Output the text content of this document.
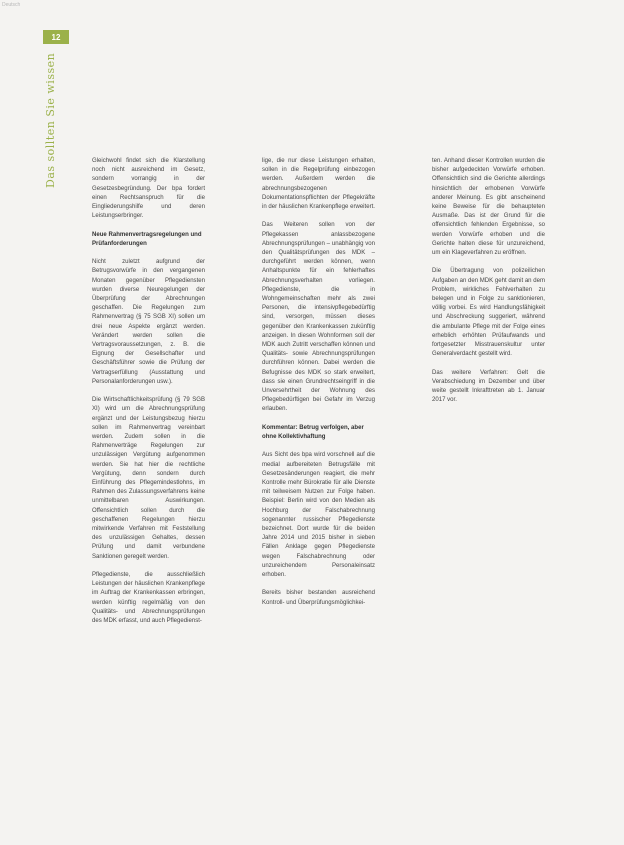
Deutsch
12
Das sollten Sie wissen	Gleichwohl findet sich die Klarstellung noch nicht ausreichend im Gesetz, sondern vorrangig in der Gesetzesbegründung. Der bpa fordert einen Rechtsanspruch für die Eingliederungshilfe und deren Leistungserbringer.

Neue Rahmenvertragsregelungen und Prüfanforderungen

Nicht zuletzt aufgrund der Betrugsvorwürfe in den vergangenen Monaten gegenüber Pflegediensten wurden diverse Neuregelungen der Überprüfung der Abrechnungen geschaffen. Die Regelungen zum Rahmenvertrag (§ 75 SGB XI) sollen um drei neue Aspekte ergänzt werden. Verändert werden sollen die Vertragsvoraussetzungen, z. B. die Eignung der Gesellschafter und Geschäftsführer sowie die Prüfung der Vertragserfüllung (Ausstattung und Personalanforderungen usw.).

Die Wirtschaftlichkeitsprüfung (§ 79 SGB XI) wird um die Abrechnungsprüfung ergänzt und der Leistungsbezug hierzu sollen im Rahmenvertrag vereinbart werden. Zudem sollen in die Rahmenverträge Regelungen zur unzulässigen Vergütung aufgenommen werden. Sie hat hier die rechtliche Vergütung, denn sondern durch Einführung des Pflegemindestlohns, im Rahmen des Zulassungsverfahrens keine unmittelbaren Auswirkungen. Offensichtlich sollen durch die geschaffenen Regelungen hierzu mitwirkende Verfahren mit Feststellung des unzulässigen Gehaltes, dessen Prüfung und damit verbundene Sanktionen geregelt werden.

Pflegedienste, die ausschließlich Leistungen der häuslichen Krankenpflege im Auftrag der Krankenkassen erbringen, werden künftig regelmäßig von den Qualitäts- und Abrechnungsprüfungen des MDK erfasst, und auch Pflegedienst-

lige, die nur diese Leistungen erhalten, sollen in die Regelprüfung einbezogen werden. Außerdem werden die abrechnungsbezogenen Dokumentationspflichten der Pflegekräfte in der häuslichen Krankenpflege erweitert.

Das Weiteren sollen von der Pflegekassen anlassbezogene Abrechnungsprüfungen – unabhängig von den Qualitätsprüfungen des MDK – durchgeführt werden können, wenn Anhaltspunkte für ein fehlerhaftes Abrechnungsverhalten vorliegen. Pflegedienste, die in Wohngemeinschaften mehr als zwei Personen, die intensivpflegebedürftig sind, versorgen, müssen dieses gegenüber den Krankenkassen zukünftig anzeigen. In diesen Wohnformen soll der MDK auch Zutritt verschaffen können und Qualitäts- sowie Abrechnungsprüfungen durchführen können. Dabei werden die Befugnisse des MDK so stark erweitert, dass sie einen Grundrechtseingriff in die Unversehrtheit der Wohnung des Pflegebedürftigen bei Gefahr im Verzug erlauben.

Kommentar: Betrug verfolgen, aber ohne Kollektivhaftung

Aus Sicht des bpa wird vorschnell auf die medial aufbereiteten Betrugsfälle mit Gesetzesänderungen reagiert, die mehr Kontrolle mehr Bürokratie für alle Dienste mit teilweisem Nutzen zur Folge haben. Beispiel: Berlin wird von den Medien als Hochburg der Falschabrechnung sogenannter russischer Pflegedienste bezeichnet. Dort wurde für die beiden Jahre 2014 und 2015 bisher in sieben Fällen Anklage gegen Pflegedienste wegen Falschabrechnung oder unzureichendem Personaleinsatz erhoben.

Bereits bisher bestanden ausreichend Kontroll- und Überprüfungsmöglichkei-

ten. Anhand dieser Kontrollen wurden die bisher aufgedeckten Vorwürfe erhoben. Offensichtlich sind die Gerichte allerdings hinsichtlich der erhobenen Vorwürfe anderer Meinung. Es gibt anscheinend keine Beweise für die behaupteten Ausmaße. Das ist der Grund für die offensichtlich fehlenden Ergebnisse, so werden Vorwürfe erhoben und die Gerichte halten diese für unzureichend, um ein Klageverfahren zu eröffnen.

Die Übertragung von polizeilichen Aufgaben an den MDK geht damit an dem Problem, wirkliches Fehlverhalten zu belegen und in Folge zu sanktionieren, völlig vorbei. Es wird Handlungsfähigkeit und Abschreckung suggeriert, während die ambulante Pflege mit der Folge eines erheblich erhöhten Prüfaufwands und fortgesetzter Misstrauenskultur unter Generalverdacht gestellt wird.

Das weitere Verfahren: Gelt die Verabschiedung im Dezember und über weite gestellt Inkrafttreten ab 1. Januar 2017 vor.
